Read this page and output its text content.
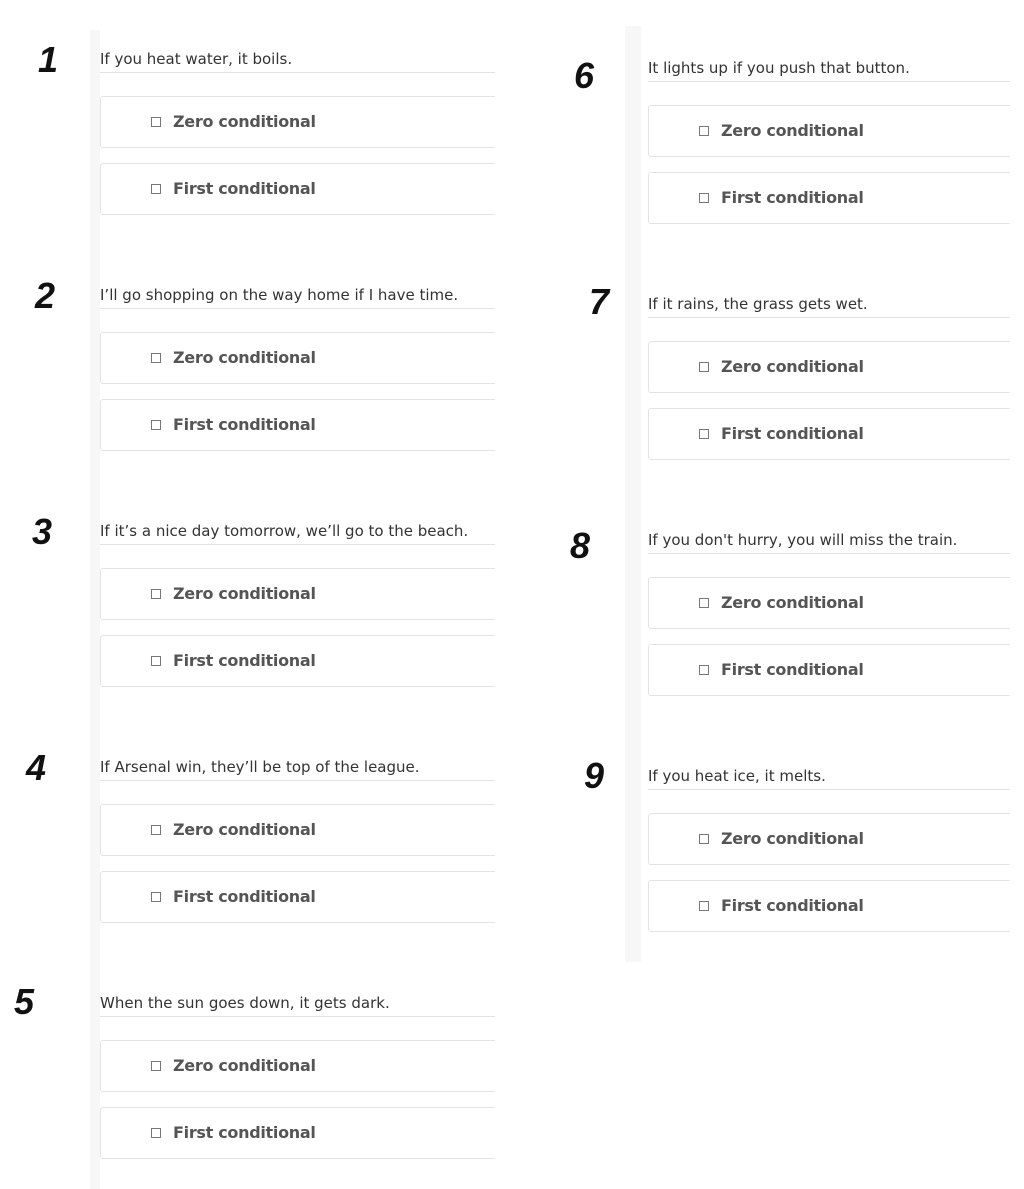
1	If you heat water, it boils.
Zero conditional
First conditional
2	I’ll go shopping on the way home if I have time.
Zero conditional
First conditional
3	If it’s a nice day tomorrow, we’ll go to the beach.
Zero conditional
First conditional
4	If Arsenal win, they’ll be top of the league.
Zero conditional
First conditional
5	When the sun goes down, it gets dark.
Zero conditional
First conditional
6	It lights up if you push that button.
Zero conditional
First conditional
7	If it rains, the grass gets wet.
Zero conditional
First conditional
8	If you don't hurry, you will miss the train.
Zero conditional
First conditional
9	If you heat ice, it melts.
Zero conditional
First conditional
